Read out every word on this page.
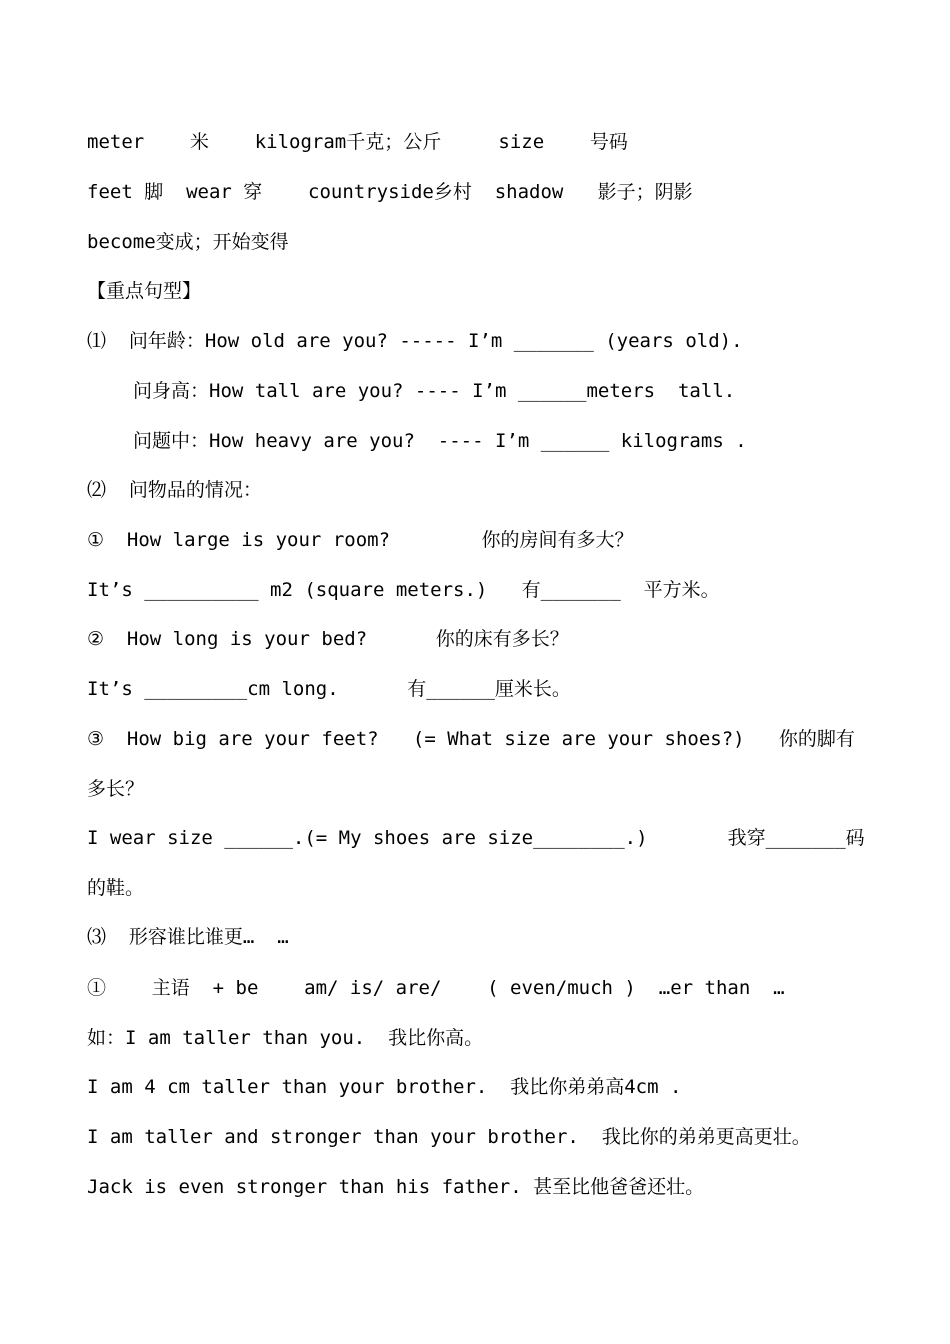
meter    米    kilogram千克；公斤     size    号码
feet 脚  wear 穿    countryside乡村  shadow   影子；阴影
become变成；开始变得
【重点句型】
⑴  问年龄：How old are you? ----- I’m _______ (years old).
问身高：How tall are you? ---- I’m ______meters  tall.
问题中：How heavy are you?  ---- I’m ______ kilograms .
⑵  问物品的情况：
①  How large is your room?        你的房间有多大？
It’s __________ m2 (square meters.)   有_______  平方米。
②  How long is your bed?      你的床有多长？
It’s _________cm long.      有______厘米长。
③  How big are your feet?   (= What size are your shoes?)   你的脚有
多长？
I wear size ______.(= My shoes are size________.)       我穿_______码
的鞋。
⑶  形容谁比谁更…  …
①    主语  + be    am/ is/ are/    ( even/much )  …er than  …
如：I am taller than you.  我比你高。
I am 4 cm taller than your brother.  我比你弟弟高4cm .
I am taller and stronger than your brother.  我比你的弟弟更高更壮。
Jack is even stronger than his father. 甚至比他爸爸还壮。
